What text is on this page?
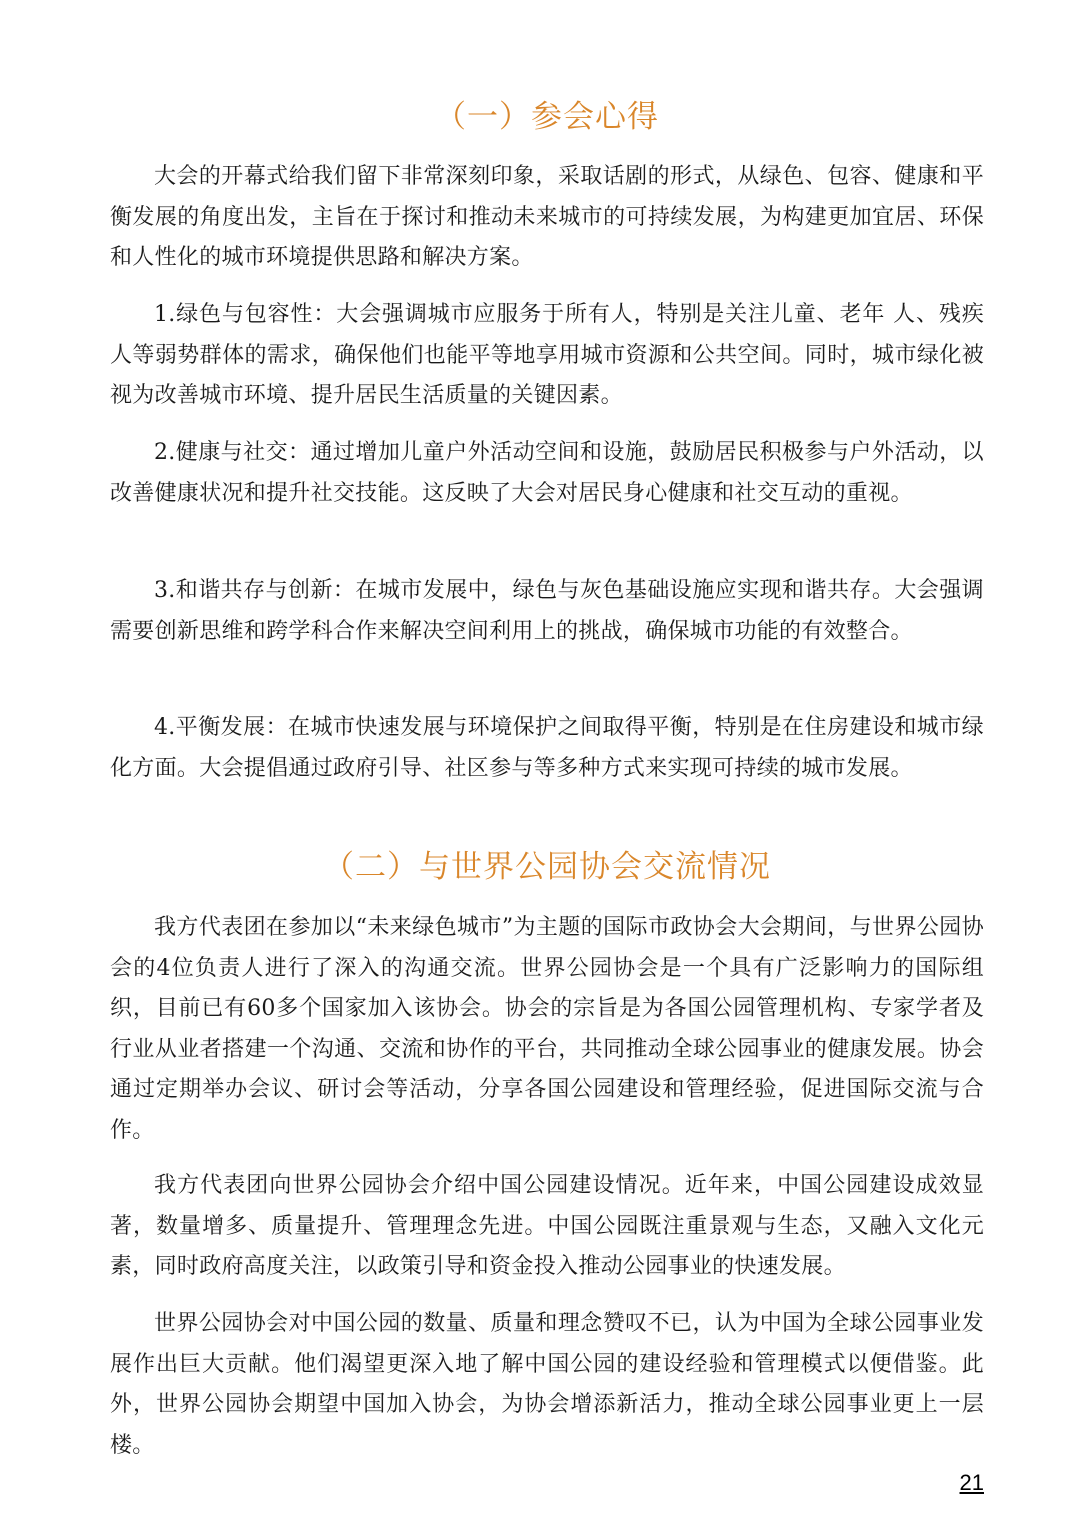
（一）参会心得

大会的开幕式给我们留下非常深刻印象，采取话剧的形式，从绿色、包容、健康和平衡发展的角度出发，主旨在于探讨和推动未来城市的可持续发展，为构建更加宜居、环保和人性化的城市环境提供思路和解决方案。

1.绿色与包容性：大会强调城市应服务于所有人，特别是关注儿童、老年 人、残疾人等弱势群体的需求，确保他们也能平等地享用城市资源和公共空间。同时，城市绿化被视为改善城市环境、提升居民生活质量的关键因素。

2.健康与社交：通过增加儿童户外活动空间和设施，鼓励居民积极参与户外活动，以改善健康状况和提升社交技能。这反映了大会对居民身心健康和社交互动的重视。

3.和谐共存与创新：在城市发展中，绿色与灰色基础设施应实现和谐共存。大会强调需要创新思维和跨学科合作来解决空间利用上的挑战，确保城市功能的有效整合。

4.平衡发展：在城市快速发展与环境保护之间取得平衡，特别是在住房建设和城市绿化方面。大会提倡通过政府引导、社区参与等多种方式来实现可持续的城市发展。

（二）与世界公园协会交流情况

我方代表团在参加以“未来绿色城市”为主题的国际市政协会大会期间，与世界公园协会的4位负责人进行了深入的沟通交流。世界公园协会是一个具有广泛影响力的国际组织，目前已有60多个国家加入该协会。协会的宗旨是为各国公园管理机构、专家学者及行业从业者搭建一个沟通、交流和协作的平台，共同推动全球公园事业的健康发展。协会通过定期举办会议、研讨会等活动，分享各国公园建设和管理经验，促进国际交流与合作。

我方代表团向世界公园协会介绍中国公园建设情况。近年来，中国公园建设成效显著，数量增多、质量提升、管理理念先进。中国公园既注重景观与生态，又融入文化元素，同时政府高度关注，以政策引导和资金投入推动公园事业的快速发展。

世界公园协会对中国公园的数量、质量和理念赞叹不已，认为中国为全球公园事业发展作出巨大贡献。他们渴望更深入地了解中国公园的建设经验和管理模式以便借鉴。此外，世界公园协会期望中国加入协会，为协会增添新活力，推动全球公园事业更上一层楼。

21
